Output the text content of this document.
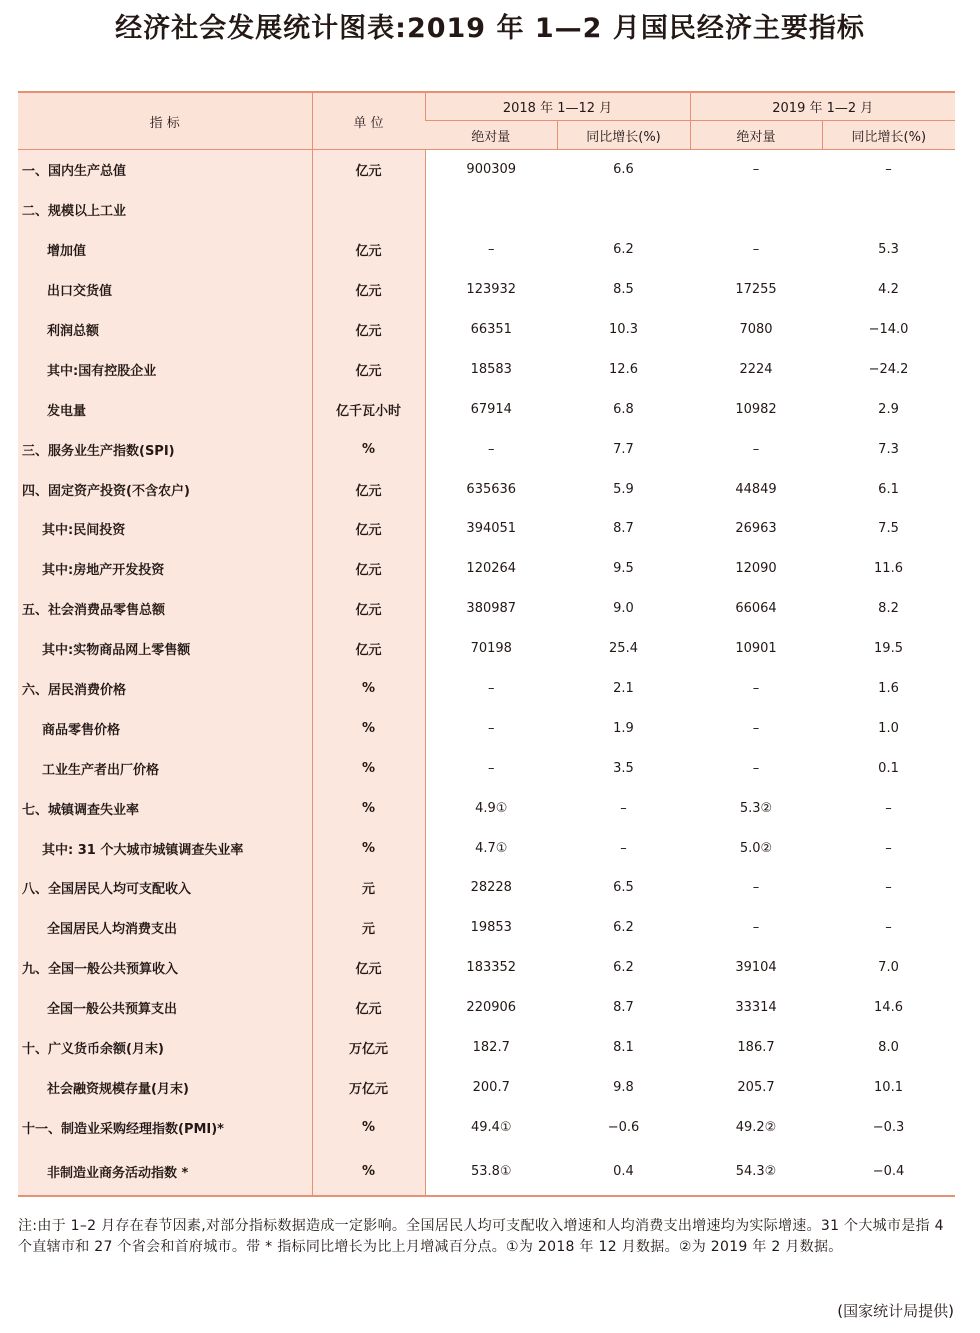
经济社会发展统计图表:2019 年 1—2 月国民经济主要指标
指 标	单 位	2018 年 1—12 月		2019 年 1—2 月	
		绝对量	同比增长(%)	绝对量	同比增长(%)
一、国内生产总值	亿元	900309	6.6	–	–
二、规模以上工业					
增加值	亿元	–	6.2	–	5.3
出口交货值	亿元	123932	8.5	17255	4.2
利润总额	亿元	66351	10.3	7080	−14.0
其中:国有控股企业	亿元	18583	12.6	2224	−24.2
发电量	亿千瓦小时	67914	6.8	10982	2.9
三、服务业生产指数(SPI)	%	–	7.7	–	7.3
四、固定资产投资(不含农户)	亿元	635636	5.9	44849	6.1
其中:民间投资	亿元	394051	8.7	26963	7.5
其中:房地产开发投资	亿元	120264	9.5	12090	11.6
五、社会消费品零售总额	亿元	380987	9.0	66064	8.2
其中:实物商品网上零售额	亿元	70198	25.4	10901	19.5
六、居民消费价格	%	–	2.1	–	1.6
商品零售价格	%	–	1.9	–	1.0
工业生产者出厂价格	%	–	3.5	–	0.1
七、城镇调查失业率	%	4.9①	–	5.3②	–
其中: 31 个大城市城镇调查失业率	%	4.7①	–	5.0②	–
八、全国居民人均可支配收入	元	28228	6.5	–	–
全国居民人均消费支出	元	19853	6.2	–	–
九、全国一般公共预算收入	亿元	183352	6.2	39104	7.0
全国一般公共预算支出	亿元	220906	8.7	33314	14.6
十、广义货币余额(月末)	万亿元	182.7	8.1	186.7	8.0
社会融资规模存量(月末)	万亿元	200.7	9.8	205.7	10.1
十一、制造业采购经理指数(PMI)*	%	49.4①	−0.6	49.2②	−0.3
非制造业商务活动指数 *	%	53.8①	0.4	54.3②	−0.4
注:由于 1–2 月存在春节因素,对部分指标数据造成一定影响。全国居民人均可支配收入增速和人均消费支出增速均为实际增速。31 个大城市是指 4 个直辖市和 27 个省会和首府城市。带 * 指标同比增长为比上月增减百分点。①为 2018 年 12 月数据。②为 2019 年 2 月数据。
(国家统计局提供)
